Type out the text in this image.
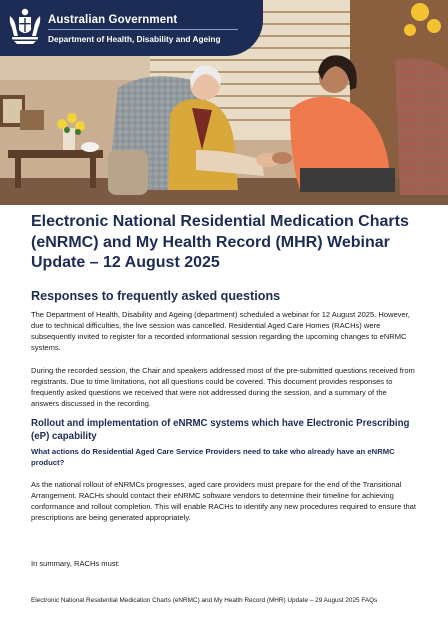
Australian Government
Department of Health, Disability and Ageing
Electronic National Residential Medication Charts (eNRMC) and My Health Record (MHR) Webinar Update – 12 August 2025
Responses to frequently asked questions

The Department of Health, Disability and Ageing (department) scheduled a webinar for 12 August 2025. However, due to technical difficulties, the live session was cancelled. Residential Aged Care Homes (RACHs) were subsequently invited to register for a recorded informational session regarding the upcoming changes to eNRMC systems.

During the recorded session, the Chair and speakers addressed most of the pre-submitted questions received from registrants. Due to time limitations, not all questions could be covered. This document provides responses to frequently asked questions we received that were not addressed during the session, and a summary of the answers discussed in the recording.

Rollout and implementation of eNRMC systems which have Electronic Prescribing (eP) capability

What actions do Residential Aged Care Service Providers need to take who already have an eNRMC product?

As the national rollout of eNRMCs progresses, aged care providers must prepare for the end of the Transitional Arrangement. RACHs should contact their eNRMC software vendors to determine their timeline for achieving conformance and rollout completion. This will enable RACHs to identify any new procedures required to ensure that prescriptions are being generated appropriately.

In summary, RACHs must:

Electronic National Residential Medication Charts (eNRMC) and My Health Record (MHR) Update – 29 August 2025 FAQs
